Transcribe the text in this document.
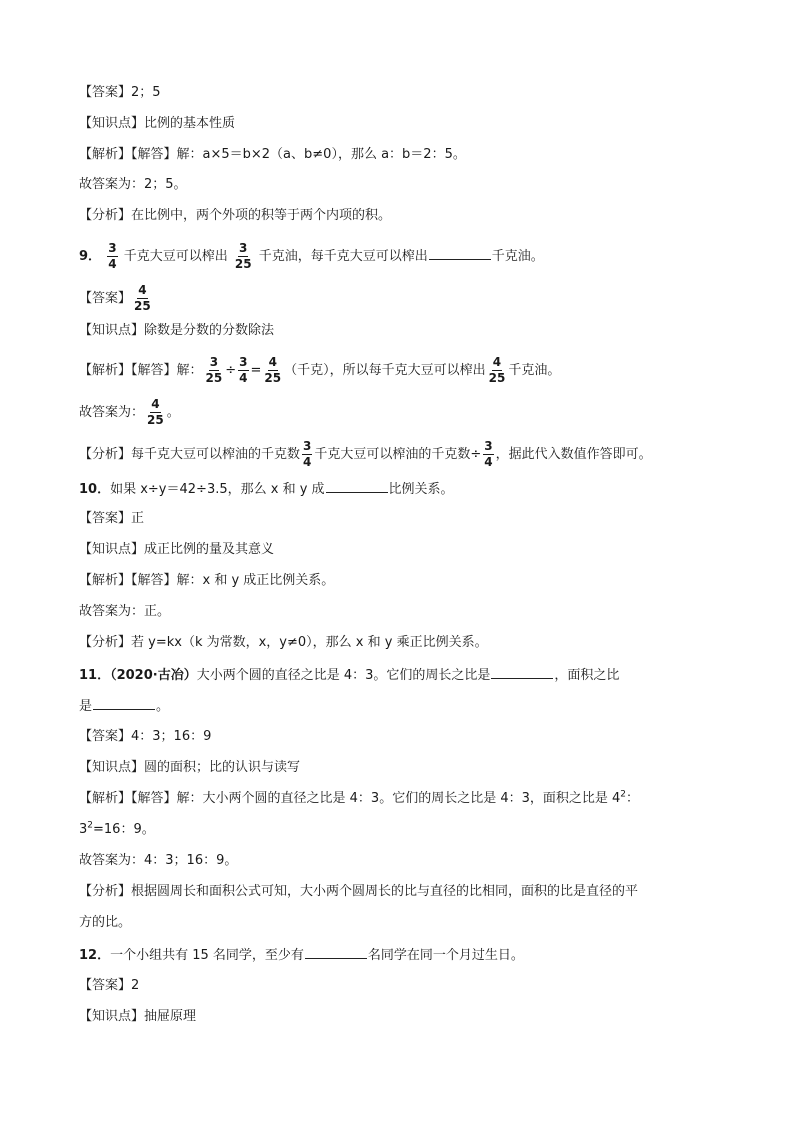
【答案】2；5
【知识点】比例的基本性质
【解析】【解答】解：a×5＝b×2（a、b≠0），那么 a：b＝2：5。
故答案为：2；5。
【分析】在比例中，两个外项的积等于两个内项的积。
9． $\frac{3}{4}$ 千克大豆可以榨出 $\frac{3}{25}$ 千克油，每千克大豆可以榨出	千克油。
【答案】 $\frac{4}{25}$
【知识点】除数是分数的分数除法
【解析】【解答】解： $\frac{3}{25} \div \frac{3}{4} = \frac{4}{25}$ （千克），所以每千克大豆可以榨出 $\frac{4}{25}$ 千克油。
故答案为： $\frac{4}{25}$ 。
【分析】每千克大豆可以榨油的千克数 $\frac{3}{4}$ 千克大豆可以榨油的千克数÷ $\frac{3}{4}$ ，据此代入数值作答即可。
10．如果 x÷y＝42÷3.5，那么 x 和 y 成	比例关系。
【答案】正
【知识点】成正比例的量及其意义
【解析】【解答】解：x 和 y 成正比例关系。
故答案为：正。
【分析】若 y=kx（k 为常数，x，y≠0），那么 x 和 y 乘正比例关系。
11．（2020·古冶）大小两个圆的直径之比是 4：3。它们的周长之比是	，面积之比
是	。
【答案】4：3；16：9
【知识点】圆的面积；比的认识与读写
【解析】【解答】解：大小两个圆的直径之比是 4：3。它们的周长之比是 4：3，面积之比是 $4^2$：
$3^2=16$：9。
故答案为：4：3；16：9。
【分析】根据圆周长和面积公式可知，大小两个圆周长的比与直径的比相同，面积的比是直径的平
方的比。
12．一个小组共有 15 名同学，至少有	名同学在同一个月过生日。
【答案】2
【知识点】抽屉原理
